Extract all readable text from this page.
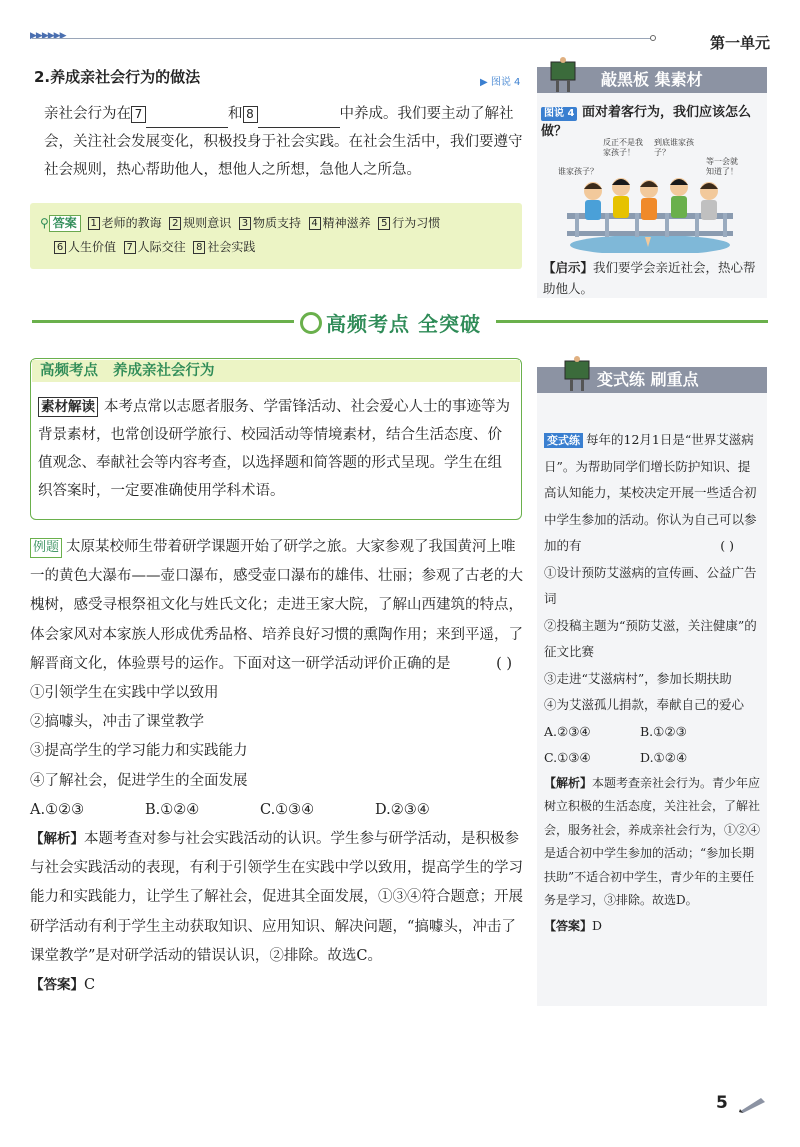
▶▶▶▶▶▶	第一单元
2.养成亲社会行为的做法	▶ 图说 4
亲社会行为在 7	和 8	中养成。我们要主动了解社会，关注社会发展变化，积极投身于社会实践。在社会生活中，我们要遵守社会规则，热心帮助他人，想他人之所想，急他人之所急。
⚲ 答案 1 老师的教诲 2 规则意识 3 物质支持 4 精神滋养 5 行为习惯
6 人生价值 7 人际交往 8 社会实践
敲黑板 集素材
图说 4 面对着客行为，我们应该怎么做？
谁家孩子？
反正不是我家孩子！
到底谁家孩子？
等一会就知道了！
【启示】我们要学会亲近社会，热心帮助他人。
高频考点 全突破
高频考点 养成亲社会行为
素材解读 本考点常以志愿者服务、学雷锋活动、社会爱心人士的事迹等为背景素材，也常创设研学旅行、校园活动等情境素材，结合生活态度、价值观念、奉献社会等内容考查，以选择题和简答题的形式呈现。学生在组织答案时，一定要准确使用学科术语。
例题 太原某校师生带着研学课题开始了研学之旅。大家参观了我国黄河上唯一的黄色大瀑布——壶口瀑布，感受壶口瀑布的雄伟、壮丽；参观了古老的大槐树，感受寻根祭祖文化与姓氏文化；走进王家大院，了解山西建筑的特点，体会家风对本家族人形成优秀品格、培养良好习惯的熏陶作用；来到平遥，了解晋商文化，体验票号的运作。下面对这一研学活动评价正确的是	( )
①引领学生在实践中学以致用
②搞噱头，冲击了课堂教学
③提高学生的学习能力和实践能力
④了解社会，促进学生的全面发展
A.①②③	B.①②④	C.①③④	D.②③④
【解析】本题考查对参与社会实践活动的认识。学生参与研学活动，是积极参与社会实践活动的表现，有利于引领学生在实践中学以致用，提高学生的学习能力和实践能力，让学生了解社会，促进其全面发展，①③④符合题意；开展研学活动有利于学生主动获取知识、应用知识、解决问题，“搞噱头，冲击了课堂教学”是对研学活动的错误认识，②排除。故选C。
【答案】C
变式练 刷重点
变式练 每年的12月1日是“世界艾滋病日”。为帮助同学们增长防护知识、提高认知能力，某校决定开展一些适合初中学生参加的活动。你认为自己可以参加的有	( )
①设计预防艾滋病的宣传画、公益广告词
②投稿主题为“预防艾滋，关注健康”的征文比赛
③走进“艾滋病村”，参加长期扶助
④为艾滋孤儿捐款，奉献自己的爱心
A.②③④	B.①②③
C.①③④	D.①②④
【解析】本题考查亲社会行为。青少年应树立积极的生活态度，关注社会，了解社会，服务社会，养成亲社会行为，①②④是适合初中学生参加的活动；“参加长期扶助”不适合初中学生，青少年的主要任务是学习，③排除。故选D。
【答案】D
5
